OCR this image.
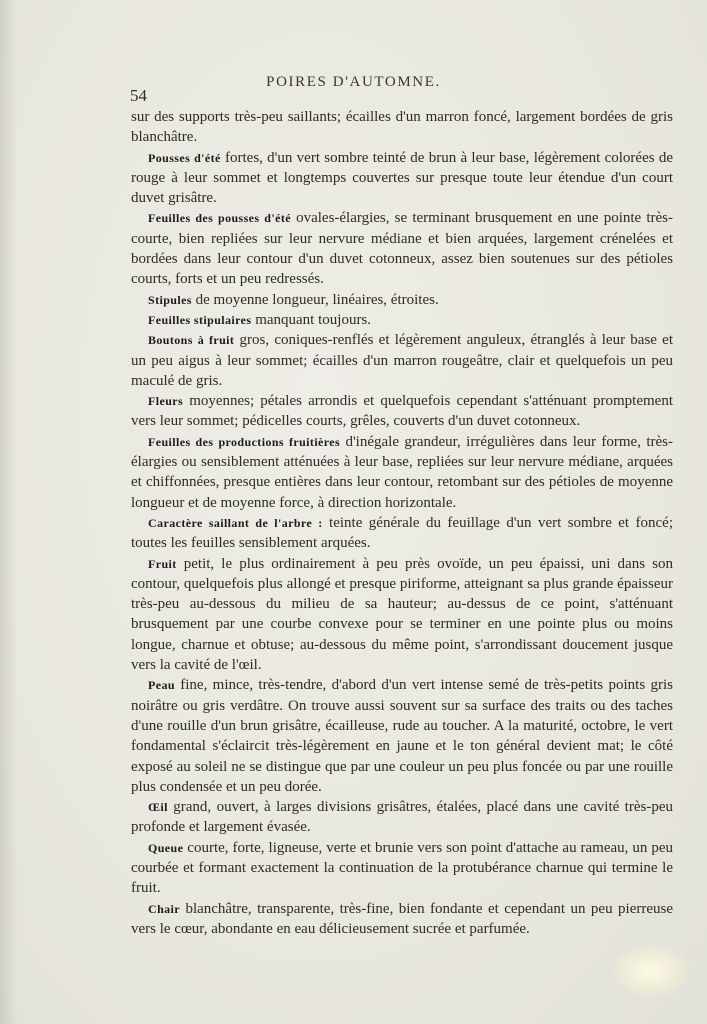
POIRES D'AUTOMNE.
54

sur des supports très-peu saillants; écailles d'un marron foncé, largement bordées de gris blanchâtre.

Pousses d'été fortes, d'un vert sombre teinté de brun à leur base, légèrement colorées de rouge à leur sommet et longtemps couvertes sur presque toute leur étendue d'un court duvet grisâtre.

Feuilles des pousses d'été ovales-élargies, se terminant brusquement en une pointe très-courte, bien repliées sur leur nervure médiane et bien arquées, largement crénelées et bordées dans leur contour d'un duvet cotonneux, assez bien soutenues sur des pétioles courts, forts et un peu redressés.

Stipules de moyenne longueur, linéaires, étroites.

Feuilles stipulaires manquant toujours.

Boutons à fruit gros, coniques-renflés et légèrement anguleux, étranglés à leur base et un peu aigus à leur sommet; écailles d'un marron rougeâtre, clair et quelquefois un peu maculé de gris.

Fleurs moyennes; pétales arrondis et quelquefois cependant s'atténuant promptement vers leur sommet; pédicelles courts, grêles, couverts d'un duvet cotonneux.

Feuilles des productions fruitières d'inégale grandeur, irrégulières dans leur forme, très-élargies ou sensiblement atténuées à leur base, repliées sur leur nervure médiane, arquées et chiffonnées, presque entières dans leur contour, retombant sur des pétioles de moyenne longueur et de moyenne force, à direction horizontale.

Caractère saillant de l'arbre : teinte générale du feuillage d'un vert sombre et foncé; toutes les feuilles sensiblement arquées.

Fruit petit, le plus ordinairement à peu près ovoïde, un peu épaissi, uni dans son contour, quelquefois plus allongé et presque piriforme, atteignant sa plus grande épaisseur très-peu au-dessous du milieu de sa hauteur; au-dessus de ce point, s'atténuant brusquement par une courbe convexe pour se terminer en une pointe plus ou moins longue, charnue et obtuse; au-dessous du même point, s'arrondissant doucement jusque vers la cavité de l'œil.

Peau fine, mince, très-tendre, d'abord d'un vert intense semé de très-petits points gris noirâtre ou gris verdâtre. On trouve aussi souvent sur sa surface des traits ou des taches d'une rouille d'un brun grisâtre, écailleuse, rude au toucher. A la maturité, octobre, le vert fondamental s'éclaircit très-légèrement en jaune et le ton général devient mat; le côté exposé au soleil ne se distingue que par une couleur un peu plus foncée ou par une rouille plus condensée et un peu dorée.

Œil grand, ouvert, à larges divisions grisâtres, étalées, placé dans une cavité très-peu profonde et largement évasée.

Queue courte, forte, ligneuse, verte et brunie vers son point d'attache au rameau, un peu courbée et formant exactement la continuation de la protubérance charnue qui termine le fruit.

Chair blanchâtre, transparente, très-fine, bien fondante et cependant un peu pierreuse vers le cœur, abondante en eau délicieusement sucrée et parfumée.
